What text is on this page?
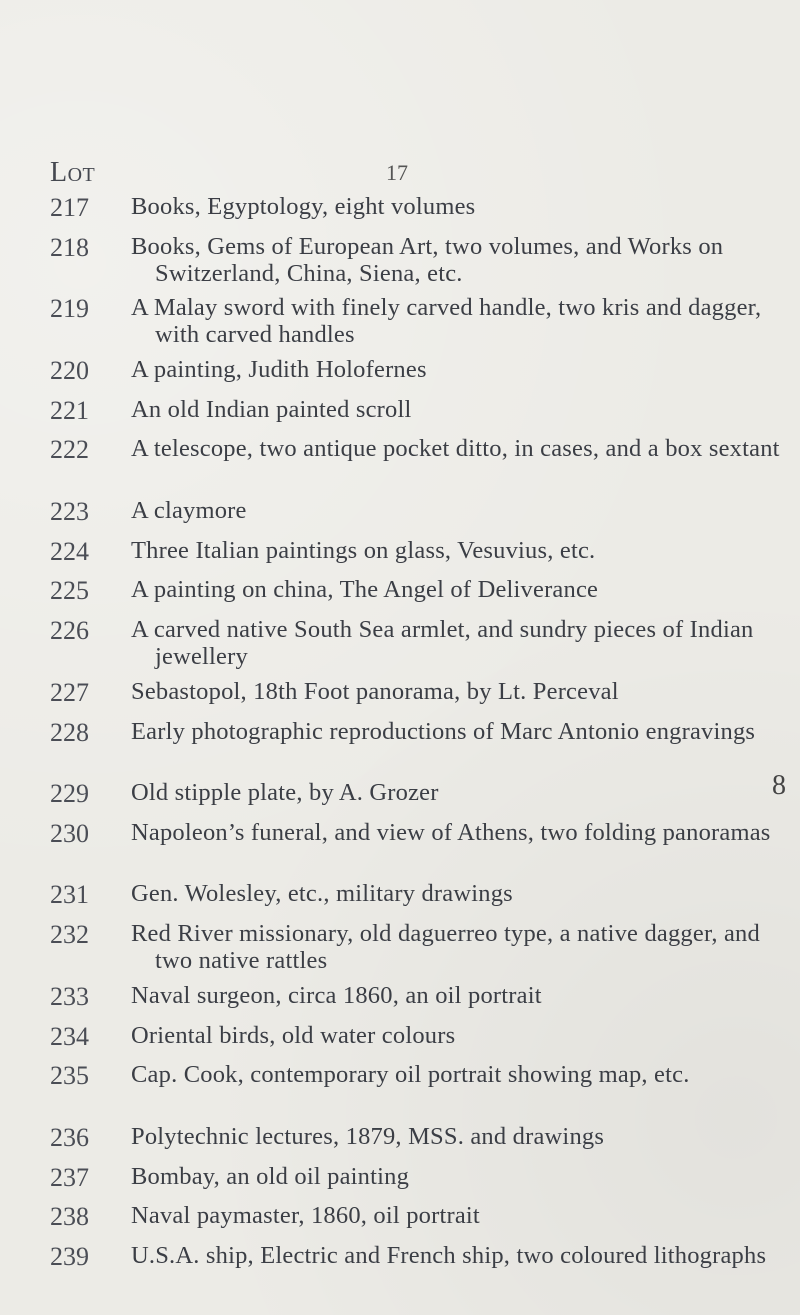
Lot	17
8
217	Books, Egyptology, eight volumes
218	Books, Gems of European Art, two volumes, and Works on Switzerland, China, Siena, etc.
219	A Malay sword with finely carved handle, two kris and dagger, with carved handles
220	A painting, Judith Holofernes
221	An old Indian painted scroll
222	A telescope, two antique pocket ditto, in cases, and a box sextant
223	A claymore
224	Three Italian paintings on glass, Vesuvius, etc.
225	A painting on china, The Angel of Deliverance
226	A carved native South Sea armlet, and sundry pieces of Indian jewellery
227	Sebastopol, 18th Foot panorama, by Lt. Perceval
228	Early photographic reproductions of Marc Antonio engravings
229	Old stipple plate, by A. Grozer
230	Napoleon’s funeral, and view of Athens, two folding panoramas
231	Gen. Wolesley, etc., military drawings
232	Red River missionary, old daguerreo type, a native dagger, and two native rattles
233	Naval surgeon, circa 1860, an oil portrait
234	Oriental birds, old water colours
235	Cap. Cook, contemporary oil portrait showing map, etc.
236	Polytechnic lectures, 1879, MSS. and drawings
237	Bombay, an old oil painting
238	Naval paymaster, 1860, oil portrait
239	U.S.A. ship, Electric and French ship, two coloured lithographs
